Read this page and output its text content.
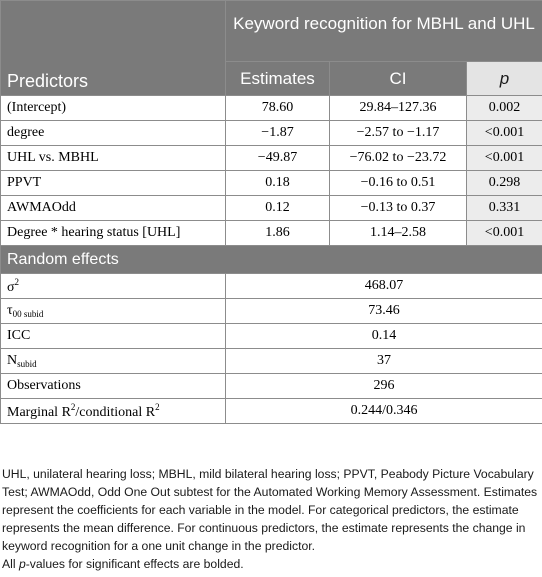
Predictors	Keyword recognition for MBHL and UHL		
	Estimates	CI	p
(Intercept)	78.60	29.84–127.36	0.002
degree	−1.87	−2.57 to −1.17	<0.001
UHL vs. MBHL	−49.87	−76.02 to −23.72	<0.001
PPVT	0.18	−0.16 to 0.51	0.298
AWMAOdd	0.12	−0.13 to 0.37	0.331
Degree * hearing status [UHL]	1.86	1.14–2.58	<0.001
Random effects			
$\sigma^2$	468.07		
$\tau_{00 subid}$	73.46		
ICC	0.14		
$N_{subid}$	37		
Observations	296		
Marginal $R^2$/conditional $R^2$	0.244/0.346		

UHL, unilateral hearing loss; MBHL, mild bilateral hearing loss; PPVT, Peabody Picture Vocabulary Test; AWMAOdd, Odd One Out subtest for the Automated Working Memory Assessment. Estimates represent the coefficients for each variable in the model. For categorical predictors, the estimate represents the mean difference. For continuous predictors, the estimate represents the change in keyword recognition for a one unit change in the predictor.

All p-values for significant effects are bolded.
